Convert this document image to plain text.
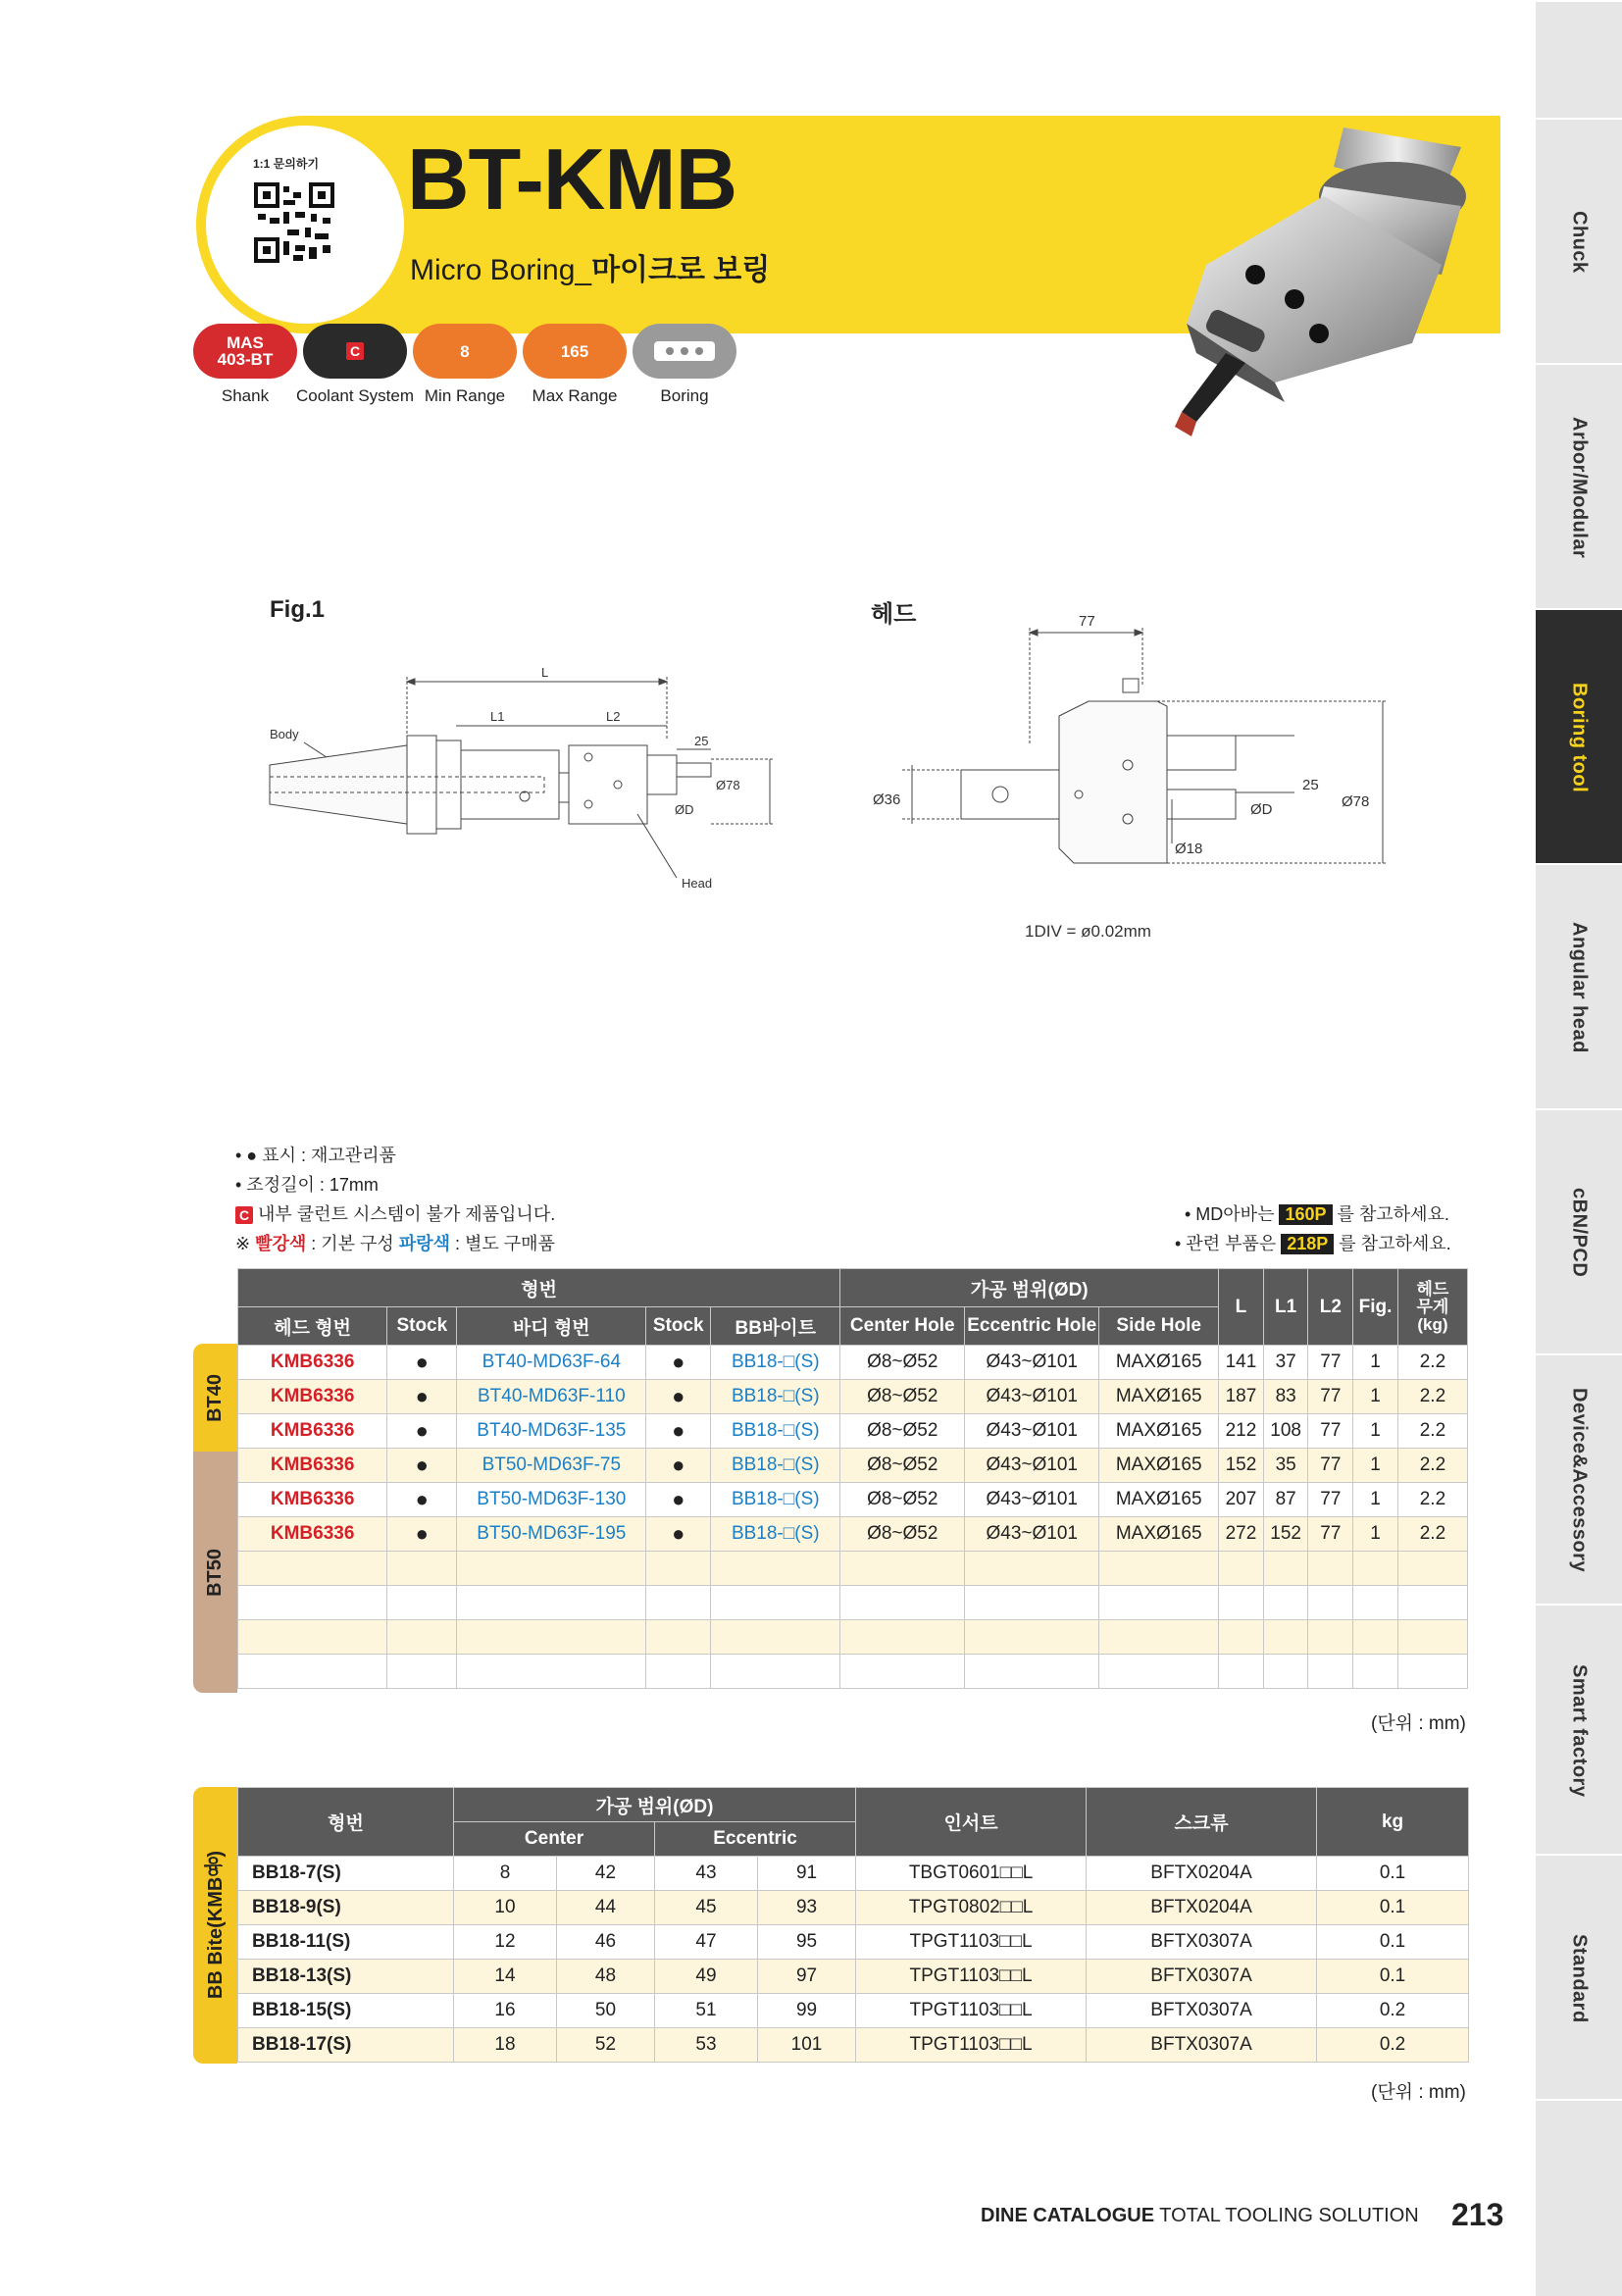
Chuck
Arbor/Modular
Boring tool
Angular head
cBN/PCD
Device&Accessory
Smart factory
Standard
1:1 문의하기 BT-KMB
Micro Boring_마이크로 보링
MAS
403-BT
Shank
C
Coolant System
8
Min Range
165
Max Range	Boring
Fig.1
L
L1	L2
Body
Ø78
25
ØD
Head
헤드	77
Ø36
25
ØD	Ø78
Ø18
1DIV = ø0.02mm
• ● 표시 : 재고관리품
• 조정길이 : 17mm
C 내부 쿨런트 시스템이 불가 제품입니다.
※ 빨강색 : 기본 구성 파랑색 : 별도 구매품
• MD아바는 160P 를 참고하세요.
• 관련 부품은 218P 를 참고하세요.
BT40
BT50
형번					가공 범위(ØD)			L	L1	L2	Fig.	헤드
무게
(kg)
헤드 형번	Stock	바디 형번	Stock	BB바이트	Center Hole	Eccentric Hole	Side Hole					
KMB6336	●	BT40-MD63F-64	●	BB18-□(S)	Ø8~Ø52	Ø43~Ø101	MAXØ165	141	37	77	1	2.2
KMB6336	●	BT40-MD63F-110	●	BB18-□(S)	Ø8~Ø52	Ø43~Ø101	MAXØ165	187	83	77	1	2.2
KMB6336	●	BT40-MD63F-135	●	BB18-□(S)	Ø8~Ø52	Ø43~Ø101	MAXØ165	212	108	77	1	2.2
KMB6336	●	BT50-MD63F-75	●	BB18-□(S)	Ø8~Ø52	Ø43~Ø101	MAXØ165	152	35	77	1	2.2
KMB6336	●	BT50-MD63F-130	●	BB18-□(S)	Ø8~Ø52	Ø43~Ø101	MAXØ165	207	87	77	1	2.2
KMB6336	●	BT50-MD63F-195	●	BB18-□(S)	Ø8~Ø52	Ø43~Ø101	MAXØ165	272	152	77	1	2.2

(단위 : mm)
BB Bite(KMB용)
형번	가공 범위(ØD)				인서트	스크류	kg
	Center		Eccentric				
BB18-7(S)	8	42	43	91	TBGT0601□□L	BFTX0204A	0.1
BB18-9(S)	10	44	45	93	TPGT0802□□L	BFTX0204A	0.1
BB18-11(S)	12	46	47	95	TPGT1103□□L	BFTX0307A	0.1
BB18-13(S)	14	48	49	97	TPGT1103□□L	BFTX0307A	0.1
BB18-15(S)	16	50	51	99	TPGT1103□□L	BFTX0307A	0.2
BB18-17(S)	18	52	53	101	TPGT1103□□L	BFTX0307A	0.2
(단위 : mm)
DINE CATALOGUE TOTAL TOOLING SOLUTION 213
